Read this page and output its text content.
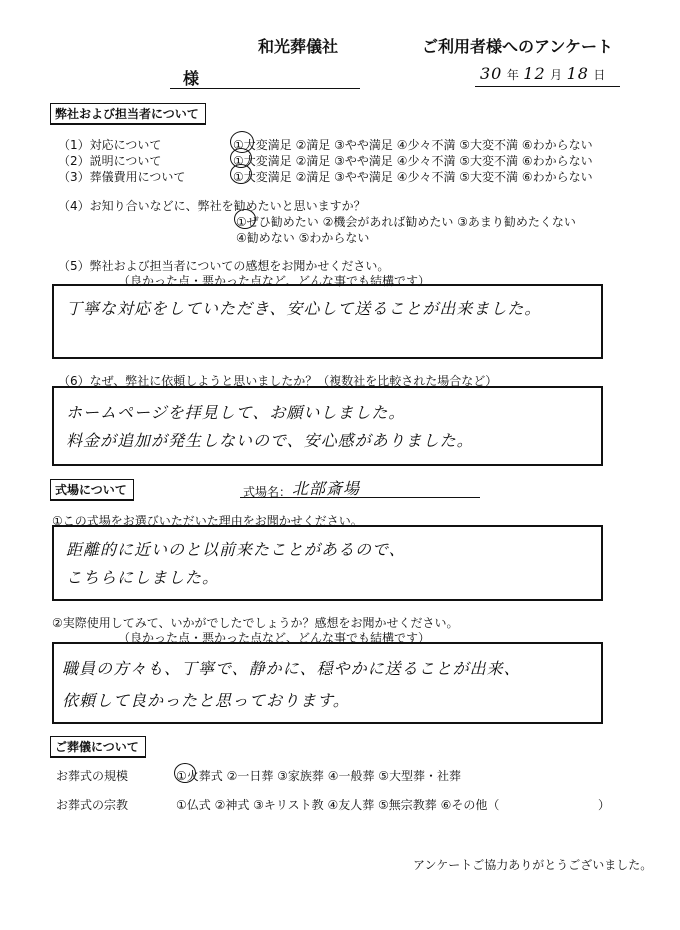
和光葬儀社	ご利用者様へのアンケート
様	30 年 12 月 18 日
弊社および担当者について
（1）対応について	①大変満足 ②満足 ③やや満足 ④少々不満 ⑤大変不満 ⑥わからない
（2）説明について	①大変満足 ②満足 ③やや満足 ④少々不満 ⑤大変不満 ⑥わからない
（3）葬儀費用について	①大変満足 ②満足 ③やや満足 ④少々不満 ⑤大変不満 ⑥わからない
（4）お知り合いなどに、弊社を勧めたいと思いますか？
①ぜひ勧めたい ②機会があれば勧めたい ③あまり勧めたくない
④勧めない ⑤わからない
（5）弊社および担当者についての感想をお聞かせください。
（良かった点・悪かった点など、どんな事でも結構です）
丁寧な対応をしていただき、安心して送ることが出来ました。
（6）なぜ、弊社に依頼しようと思いましたか？（複数社を比較された場合など）
ホームページを拝見して、お願いしました。
料金が追加が発生しないので、安心感がありました。
式場について	式場名： 北部斎場
①この式場をお選びいただいた理由をお聞かせください。
距離的に近いのと以前来たことがあるので、
こちらにしました。
②実際使用してみて、いかがでしたでしょうか？感想をお聞かせください。
（良かった点・悪かった点など、どんな事でも結構です）
職員の方々も、丁寧で、静かに、穏やかに送ることが出来、
依頼して良かったと思っております。
ご葬儀について
お葬式の規模	①火葬式 ②一日葬 ③家族葬 ④一般葬 ⑤大型葬・社葬
お葬式の宗教	①仏式 ②神式 ③キリスト教 ④友人葬 ⑤無宗教葬 ⑥その他（	）
アンケートご協力ありがとうございました。
